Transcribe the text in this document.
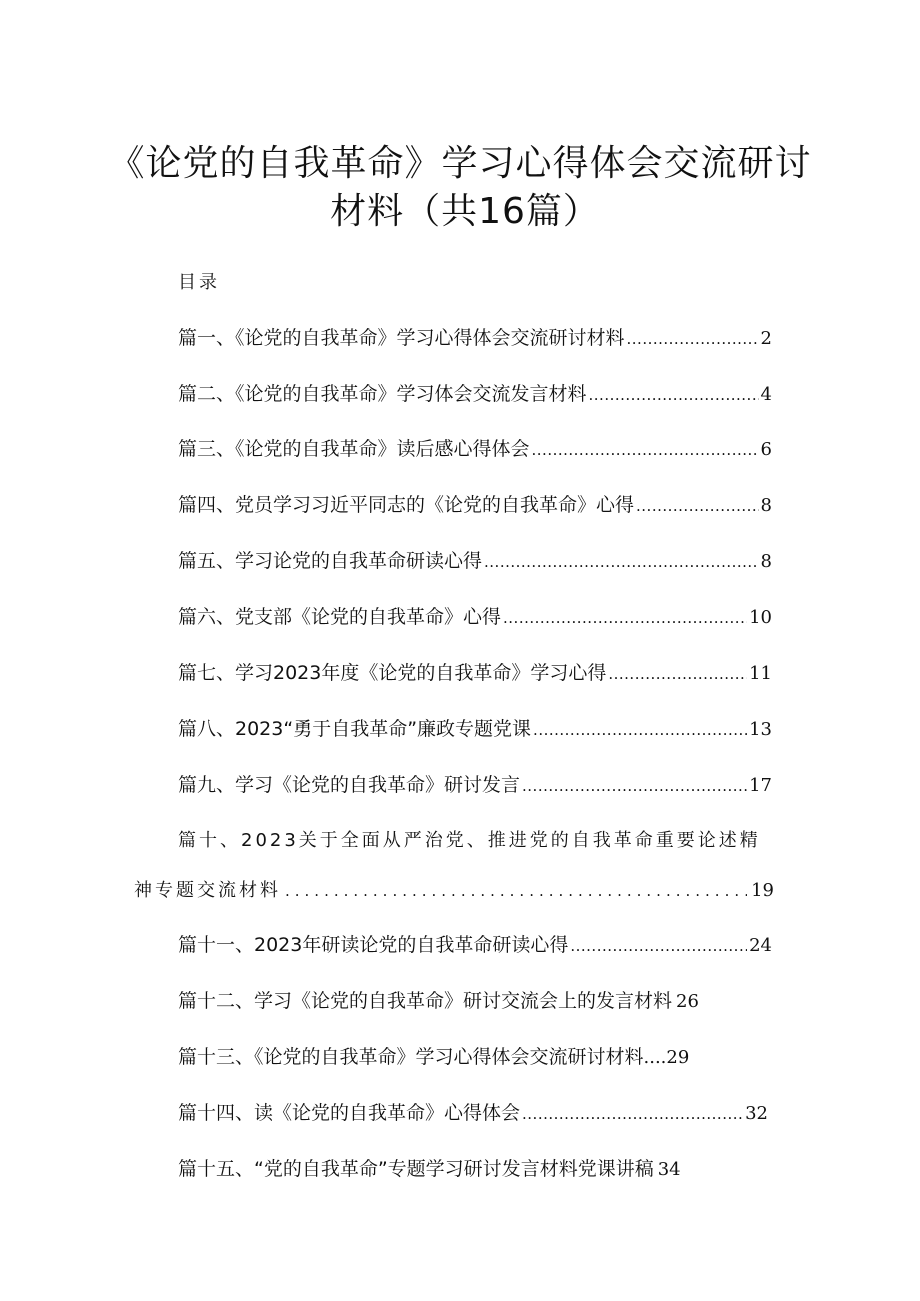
《论党的自我革命》学习心得体会交流研讨
材料（共16篇）
目录
篇一、《论党的自我革命》学习心得体会交流研讨材料 .....	2
篇二、《论党的自我革命》学习体会交流发言材料 .....	4
篇三、《论党的自我革命》读后感心得体会 .....	6
篇四、党员学习习近平同志的《论党的自我革命》心得 .....	8
篇五、学习论党的自我革命研读心得 .....	8
篇六、党支部《论党的自我革命》心得 .....	10
篇七、学习2023年度《论党的自我革命》学习心得 .....	11
篇八、2023“勇于自我革命”廉政专题党课 .....	13
篇九、学习《论党的自我革命》研讨发言 .....	17
篇十、2023关于全面从严治党、推进党的自我革命重要论述精
神专题交流材料 .....	19
篇十一、2023年研读论党的自我革命研读心得 .....	24
篇十二、学习《论党的自我革命》研讨交流会上的发言材料 26
篇十三、《论党的自我革命》学习心得体会交流研讨材料 .... 29
篇十四、读《论党的自我革命》心得体会 .....	32
篇十五、“党的自我革命”专题学习研讨发言材料党课讲稿 34
